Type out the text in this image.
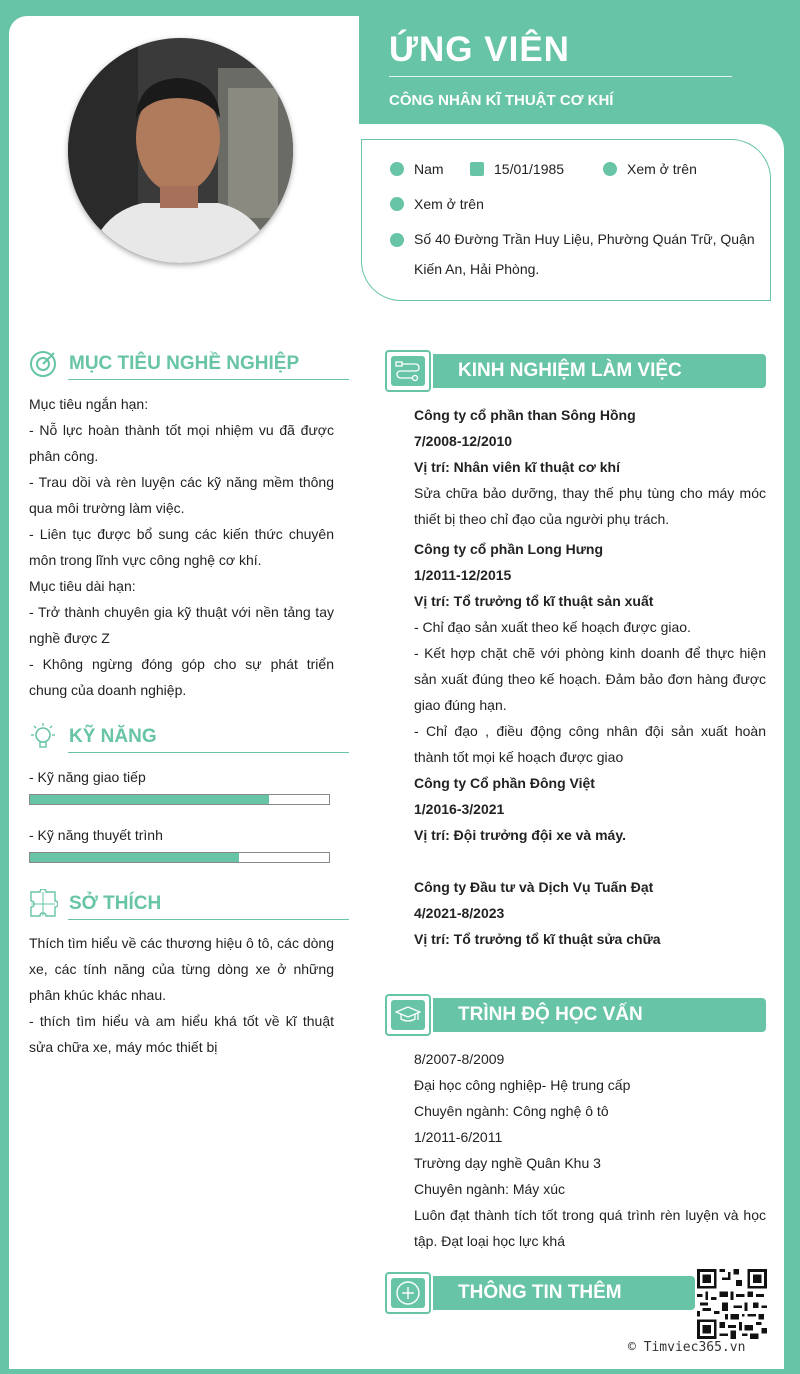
ỨNG VIÊN
CÔNG NHÂN KĨ THUẬT CƠ KHÍ
Nam	15/01/1985	Xem ở trên
Xem ở trên
Số 40 Đường Trần Huy Liệu, Phường Quán Trữ, Quận
Kiến An, Hải Phòng.
MỤC TIÊU NGHỀ NGHIỆP
Mục tiêu ngắn hạn:
- Nỗ lực hoàn thành tốt mọi nhiệm vu đã được phân công.
- Trau dồi và rèn luyện các kỹ năng mềm thông qua môi trường làm việc.
- Liên tục được bổ sung các kiến thức chuyên môn trong lĩnh vực công nghệ cơ khí.
Mục tiêu dài hạn:
- Trở thành chuyên gia kỹ thuật với nền tảng tay nghề được Z
- Không ngừng đóng góp cho sự phát triển chung của doanh nghiệp.
KỸ NĂNG
- Kỹ năng giao tiếp
- Kỹ năng thuyết trình
SỞ THÍCH
Thích tìm hiểu về các thương hiệu ô tô, các dòng xe, các tính năng của từng dòng xe ở những phân khúc khác nhau.
- thích tìm hiểu và am hiểu khá tốt về kĩ thuật sửa chữa xe, máy móc thiết bị
KINH NGHIỆM LÀM VIỆC
Công ty cổ phần than Sông Hồng
7/2008-12/2010
Vị trí: Nhân viên kĩ thuật cơ khí
Sửa chữa bảo dưỡng, thay thế phụ tùng cho máy móc thiết bị theo chỉ đạo của người phụ trách.
Công ty cổ phần Long Hưng
1/2011-12/2015
Vị trí: Tổ trưởng tổ kĩ thuật sản xuất
- Chỉ đạo sản xuất theo kế hoạch được giao.
- Kết hợp chặt chẽ với phòng kinh doanh để thực hiện sản xuất đúng theo kế hoạch. Đảm bảo đơn hàng được giao đúng hạn.
- Chỉ đạo , điều động công nhân đội sản xuất hoàn thành tốt mọi kế hoạch được giao
Công ty Cổ phần Đông Việt
1/2016-3/2021
Vị trí: Đội trưởng đội xe và máy.
Công ty Đầu tư và Dịch Vụ Tuấn Đạt
4/2021-8/2023
Vị trí: Tổ trưởng tổ kĩ thuật sửa chữa
TRÌNH ĐỘ HỌC VẤN
8/2007-8/2009
Đại học công nghiệp- Hệ trung cấp
Chuyên ngành: Công nghệ ô tô
1/2011-6/2011
Trường dạy nghề Quân Khu 3
Chuyên ngành: Máy xúc
Luôn đạt thành tích tốt trong quá trình rèn luyện và học tập. Đạt loại học lực khá
THÔNG TIN THÊM
© Timviec365.vn
